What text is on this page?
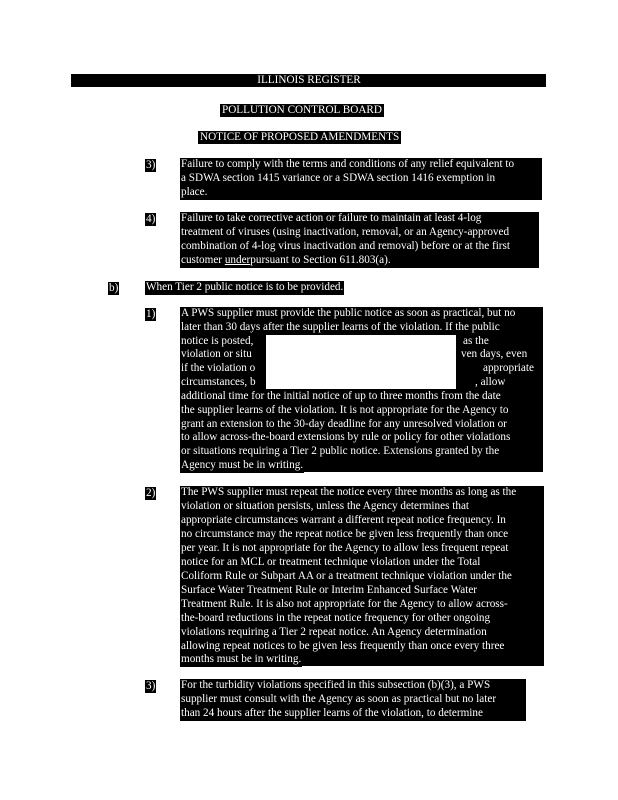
ILLINOIS REGISTER
POLLUTION CONTROL BOARD
NOTICE OF PROPOSED AMENDMENTS
3) Failure to comply with the terms and conditions of any relief equivalent to
a SDWA section 1415 variance or a SDWA section 1416 exemption in
place.
4) Failure to take corrective action or failure to maintain at least 4-log
treatment of viruses (using inactivation, removal, or an Agency-approved
combination of 4-log virus inactivation and removal) before or at the first
customer underpursuant to Section 611.803(a).
b) When Tier 2 public notice is to be provided.
1) A PWS supplier must provide the public notice as soon as practical, but no
later than 30 days after the supplier learns of the violation. If the public
notice is posted,
violation or situ
if the violation o
circumstances, b
as the
ven days, even
appropriate
, allow
additional time for the initial notice of up to three months from the date
the supplier learns of the violation. It is not appropriate for the Agency to
grant an extension to the 30-day deadline for any unresolved violation or
to allow across-the-board extensions by rule or policy for other violations
or situations requiring a Tier 2 public notice. Extensions granted by the
Agency must be in writing.
2) The PWS supplier must repeat the notice every three months as long as the
violation or situation persists, unless the Agency determines that
appropriate circumstances warrant a different repeat notice frequency. In
no circumstance may the repeat notice be given less frequently than once
per year. It is not appropriate for the Agency to allow less frequent repeat
notice for an MCL or treatment technique violation under the Total
Coliform Rule or Subpart AA or a treatment technique violation under the
Surface Water Treatment Rule or Interim Enhanced Surface Water
Treatment Rule. It is also not appropriate for the Agency to allow across-
the-board reductions in the repeat notice frequency for other ongoing
violations requiring a Tier 2 repeat notice. An Agency determination
allowing repeat notices to be given less frequently than once every three
months must be in writing.
3) For the turbidity violations specified in this subsection (b)(3), a PWS
supplier must consult with the Agency as soon as practical but no later
than 24 hours after the supplier learns of the violation, to determine
